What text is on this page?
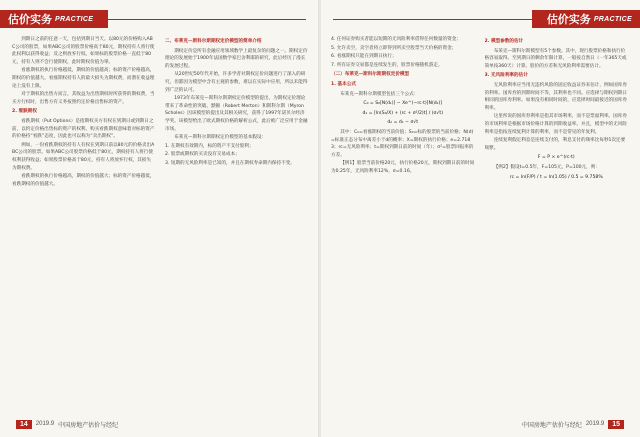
估价实务 PRACTICE

到期日之前的任意一天，包括到期日当天。以80元的价格购入ABC公司的股票，如果ABC公司的股票价格高于80元，期权持有人将行使此权利以获得收益；反之则放弃行权。如果标的股票价格一直低于80元，持有人则不会行使期权，此时期权价值为零。

看涨期权的执行价格越低，期权的价值越高；标的资产价格越高，期权的价值越大。看涨期权持有人的最大损失为期权费，而潜在收益理论上没有上限。

对于期权的出售方而言，其收益为出售期权时所获得的期权费，当买方行权时，出售方有义务按照约定价格出售标的资产。

2. 看跌期权

看跌期权（Put Options）是指期权买方有权在到期日或到期日之前，以约定价格出售标的资产的权利。购买看跌期权意味着对标的资产的价格持“看跌”态度，因此也可以称为“卖出期权”。

例如，一份看跌期权的持有人有权在到期日前以80元的价格卖出ABC公司的股票。如果ABC公司股票价格低于80元，期权持有人将行使权利获得收益；如果股票价格高于80元，持有人将放弃行权，其损失为期权费。

看跌期权的执行价格越高，期权的价值越大；标的资产价格越低，看跌期权的价值越大。

二、布莱克—斯科尔斯期权定价模型的简单介绍

期权定价是所有金融应用领域数学上最复杂的问题之一。期权定价理论的发展始于1900年法国数学家巴舍利耶的研究，此后经历了漫长的发展过程。

从20世纪50年代开始，许多学者对期权定价问题进行了深入的研究，但都因为模型中含有主观的参数，难以在实际中应用，所以未能得到广泛的认可。

1973年布莱克—斯科尔斯期权定价模型的提出，为期权定价理论带来了革命性的突破。默顿（Robert Merton）和斯科尔斯（Myron Scholes）因该模型的提出及其相关研究，获得了1997年诺贝尔经济学奖。该模型给出了欧式期权价格的解析公式，此后被广泛应用于金融市场。

布莱克—斯科尔斯期权定价模型的基本假设：

1. 在期权有效期内，标的资产不支付股利；

2. 股票或期权的买卖没有交易成本；

3. 短期的无风险利率是已知的，并且在期权寿命期内保持不变。

14	2019.9 中国房地产估价与经纪
估价实务 PRACTICE

4. 任何证券购买者能以短期的无风险利率借得任何数量的资金；

5. 允许卖空，卖空者将立即得到所卖空股票当天价格的资金；

6. 看涨期权只能在到期日执行；

7. 所有证券交易都是连续发生的，股票价格随机游走。

（二）布莱克—斯科尔斯期权定价模型

1. 基本公式

布莱克—斯科尔斯模型包括三个公式：

C₀ = S₀[N(d₁)] − Xe^(−rc·t)[N(d₂)]

d₁ = [ln(S₀/X) + (rc + σ²/2)t] / (σ√t)

d₂ = d₁ − σ√t

其中：C₀=看涨期权的当前价值；S₀=标的股票的当前价格；N(d)=标准正态分布中离差小于d的概率；X=期权的执行价格；e=2.7183；rc=无风险利率；t=期权到期日前的时间（年）；σ²=股票回报率的方差。

【例1】股票当前价格20元，执行价格20元，期权到期日前的时间为0.25年，无风险利率12%，σ=0.16。

2. 模型参数的估计

布莱克—斯科尔斯模型有5个参数。其中，现行股票价格和执行价格容易取得。至到期日的剩余年限计算，一般按自然日（一年365天或简单按360天）计算。股价的方差和无风险利率需要估计。

3. 无风险利率的估计

无风险利率应当用无违约风险的固定收益证券来估计，例如国库券的利率。国库券的到期时间不等，其利率也不同。应选择与期权到期日相同的国库券利率。如果没有相同时间的，应选择时间最接近的国库券利率。

这里所说的国库券利率是指其市场利率，而不是票面利率。国库券的市场利率是根据市场价格计算的到期收益率。并且，模型中的无风险利率是指按连续复利计算的利率，而不是常见的年复利。

连续复利假定利息是连续支付的，利息支付的频率比每秒1次还要频繁。

F = P × e^(rc·t)

【例2】假设t=0.5年，F=105元，P=100元，则：

rc = ln(F/P) / t = ln(1.05) / 0.5 = 9.758%

中国房地产估价与经纪 2019.9	15
